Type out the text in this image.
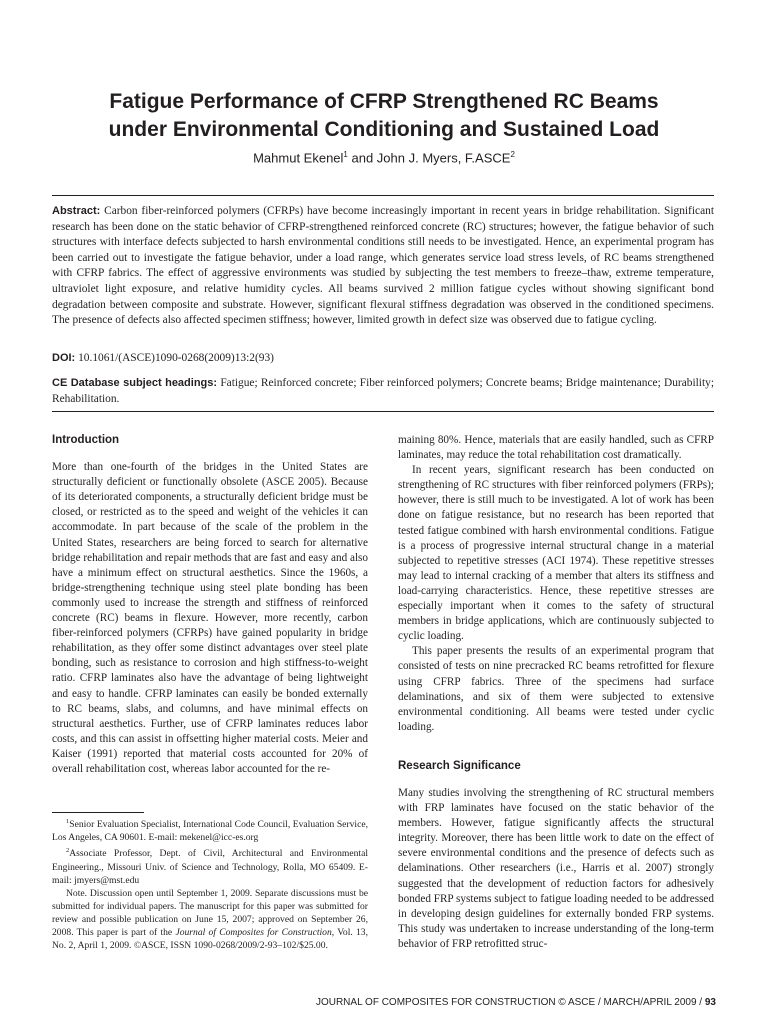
Fatigue Performance of CFRP Strengthened RC Beams
under Environmental Conditioning and Sustained Load
Mahmut Ekenel$^1$ and John J. Myers, F.ASCE$^2$
Abstract: Carbon fiber-reinforced polymers (CFRPs) have become increasingly important in recent years in bridge rehabilitation. Significant research has been done on the static behavior of CFRP-strengthened reinforced concrete (RC) structures; however, the fatigue behavior of such structures with interface defects subjected to harsh environmental conditions still needs to be investigated. Hence, an experimental program has been carried out to investigate the fatigue behavior, under a load range, which generates service load stress levels, of RC beams strengthened with CFRP fabrics. The effect of aggressive environments was studied by subjecting the test members to freeze–thaw, extreme temperature, ultraviolet light exposure, and relative humidity cycles. All beams survived 2 million fatigue cycles without showing significant bond degradation between composite and substrate. However, significant flexural stiffness degradation was observed in the conditioned specimens. The presence of defects also affected specimen stiffness; however, limited growth in defect size was observed due to fatigue cycling.
DOI: 10.1061/(ASCE)1090-0268(2009)13:2(93)
CE Database subject headings: Fatigue; Reinforced concrete; Fiber reinforced polymers; Concrete beams; Bridge maintenance; Durability; Rehabilitation.
Introduction

More than one-fourth of the bridges in the United States are structurally deficient or functionally obsolete (ASCE 2005). Because of its deteriorated components, a structurally deficient bridge must be closed, or restricted as to the speed and weight of the vehicles it can accommodate. In part because of the scale of the problem in the United States, researchers are being forced to search for alternative bridge rehabilitation and repair methods that are fast and easy and also have a minimum effect on structural aesthetics. Since the 1960s, a bridge-strengthening technique using steel plate bonding has been commonly used to increase the strength and stiffness of reinforced concrete (RC) beams in flexure. However, more recently, carbon fiber-reinforced polymers (CFRPs) have gained popularity in bridge rehabilitation, as they offer some distinct advantages over steel plate bonding, such as resistance to corrosion and high stiffness-to-weight ratio. CFRP laminates also have the advantage of being lightweight and easy to handle. CFRP laminates can easily be bonded externally to RC beams, slabs, and columns, and have minimal effects on structural aesthetics. Further, use of CFRP laminates reduces labor costs, and this can assist in offsetting higher material costs. Meier and Kaiser (1991) reported that material costs accounted for 20% of overall rehabilitation cost, whereas labor accounted for the re-

$^1$Senior Evaluation Specialist, International Code Council, Evaluation Service, Los Angeles, CA 90601. E-mail: mekenel@icc-es.org

$^2$Associate Professor, Dept. of Civil, Architectural and Environmental Engineering., Missouri Univ. of Science and Technology, Rolla, MO 65409. E-mail: jmyers@mst.edu

Note. Discussion open until September 1, 2009. Separate discussions must be submitted for individual papers. The manuscript for this paper was submitted for review and possible publication on June 15, 2007; approved on September 26, 2008. This paper is part of the Journal of Composites for Construction, Vol. 13, No. 2, April 1, 2009. ©ASCE, ISSN 1090-0268/2009/2-93–102/$25.00.

maining 80%. Hence, materials that are easily handled, such as CFRP laminates, may reduce the total rehabilitation cost dramatically.

In recent years, significant research has been conducted on strengthening of RC structures with fiber reinforced polymers (FRPs); however, there is still much to be investigated. A lot of work has been done on fatigue resistance, but no research has been reported that tested fatigue combined with harsh environmental conditions. Fatigue is a process of progressive internal structural change in a material subjected to repetitive stresses (ACI 1974). These repetitive stresses may lead to internal cracking of a member that alters its stiffness and load-carrying characteristics. Hence, these repetitive stresses are especially important when it comes to the safety of structural members in bridge applications, which are continuously subjected to cyclic loading.

This paper presents the results of an experimental program that consisted of tests on nine precracked RC beams retrofitted for flexure using CFRP fabrics. Three of the specimens had surface delaminations, and six of them were subjected to extensive environmental conditioning. All beams were tested under cyclic loading.

Research Significance

Many studies involving the strengthening of RC structural members with FRP laminates have focused on the static behavior of the members. However, fatigue significantly affects the structural integrity. Moreover, there has been little work to date on the effect of severe environmental conditions and the presence of defects such as delaminations. Other researchers (i.e., Harris et al. 2007) strongly suggested that the development of reduction factors for adhesively bonded FRP systems subject to fatigue loading needed to be addressed in developing design guidelines for externally bonded FRP systems. This study was undertaken to increase understanding of the long-term behavior of FRP retrofitted struc-

JOURNAL OF COMPOSITES FOR CONSTRUCTION © ASCE / MARCH/APRIL 2009 / 93
